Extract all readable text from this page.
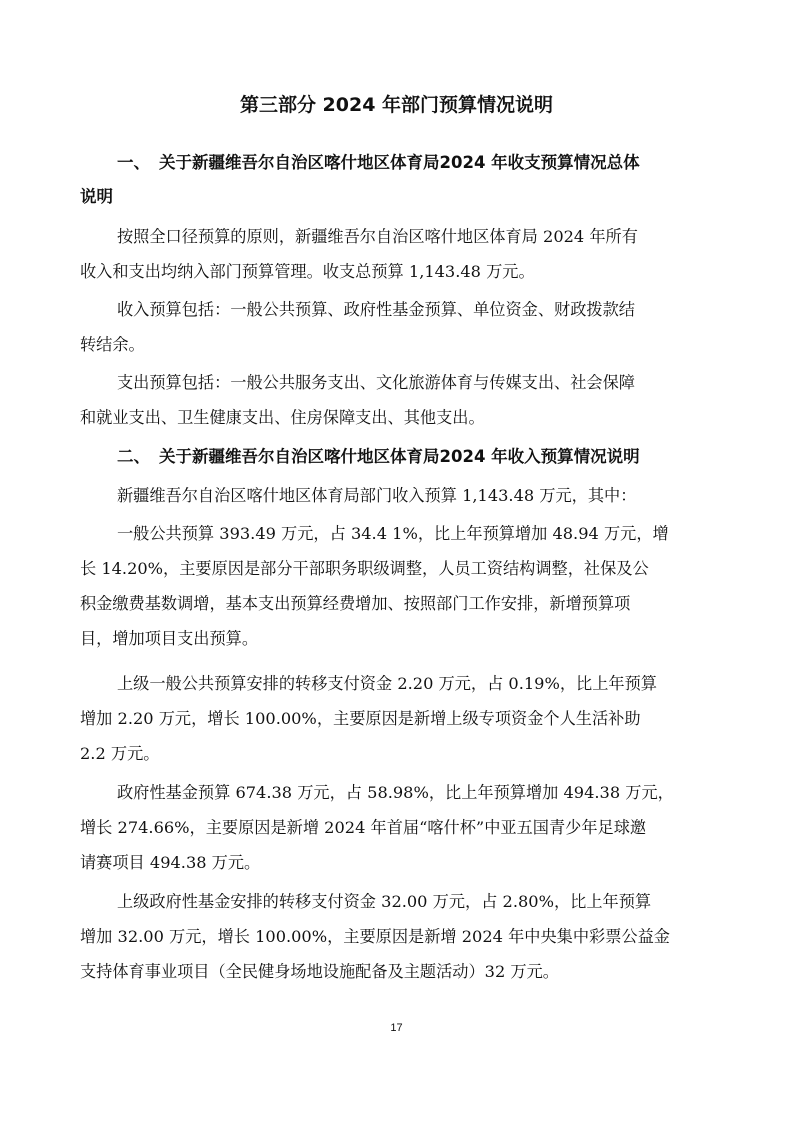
第三部分 2024 年部门预算情况说明
一、 关于新疆维吾尔自治区喀什地区体育局2024 年收支预算情况总体
说明
按照全口径预算的原则，新疆维吾尔自治区喀什地区体育局 2024 年所有
收入和支出均纳入部门预算管理。收支总预算 1,143.48 万元。
收入预算包括：一般公共预算、政府性基金预算、单位资金、财政拨款结
转结余。
支出预算包括：一般公共服务支出、文化旅游体育与传媒支出、社会保障
和就业支出、卫生健康支出、住房保障支出、其他支出。
二、 关于新疆维吾尔自治区喀什地区体育局2024 年收入预算情况说明
新疆维吾尔自治区喀什地区体育局部门收入预算 1,143.48 万元，其中：
一般公共预算 393.49 万元，占 34.4 1%，比上年预算增加 48.94 万元，增
长 14.20%，主要原因是部分干部职务职级调整，人员工资结构调整，社保及公
积金缴费基数调增，基本支出预算经费增加、按照部门工作安排，新增预算项
目，增加项目支出预算。
上级一般公共预算安排的转移支付资金 2.20 万元，占 0.19%，比上年预算
增加 2.20 万元，增长 100.00%，主要原因是新增上级专项资金个人生活补助
2.2 万元。
政府性基金预算 674.38 万元，占 58.98%，比上年预算增加 494.38 万元，
增长 274.66%，主要原因是新增 2024 年首届“喀什杯”中亚五国青少年足球邀
请赛项目 494.38 万元。
上级政府性基金安排的转移支付资金 32.00 万元，占 2.80%，比上年预算
增加 32.00 万元，增长 100.00%，主要原因是新增 2024 年中央集中彩票公益金
支持体育事业项目（全民健身场地设施配备及主题活动）32 万元。
17
